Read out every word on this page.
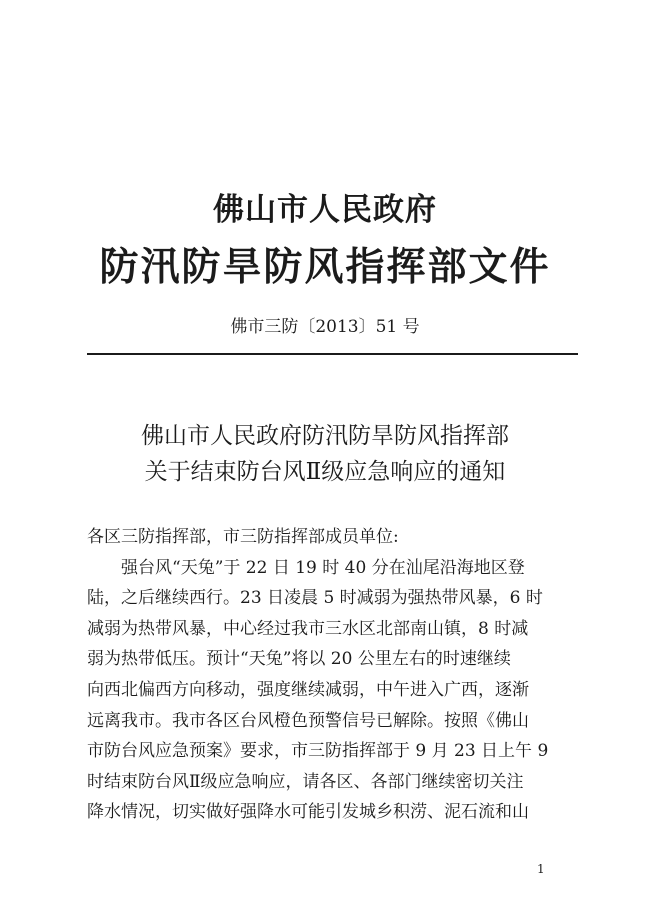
佛山市人民政府
防汛防旱防风指挥部文件
佛市三防〔2013〕51 号
佛山市人民政府防汛防旱防风指挥部
关于结束防台风Ⅱ级应急响应的通知
各区三防指挥部，市三防指挥部成员单位:
强台风“天兔”于 22 日 19 时 40 分在汕尾沿海地区登
陆，之后继续西行。23 日凌晨 5 时减弱为强热带风暴，6 时
减弱为热带风暴，中心经过我市三水区北部南山镇，8 时减
弱为热带低压。预计“天兔”将以 20 公里左右的时速继续
向西北偏西方向移动，强度继续减弱，中午进入广西，逐渐
远离我市。我市各区台风橙色预警信号已解除。按照《佛山
市防台风应急预案》要求，市三防指挥部于 9 月 23 日上午 9
时结束防台风Ⅱ级应急响应，请各区、各部门继续密切关注
降水情况，切实做好强降水可能引发城乡积涝、泥石流和山
1
